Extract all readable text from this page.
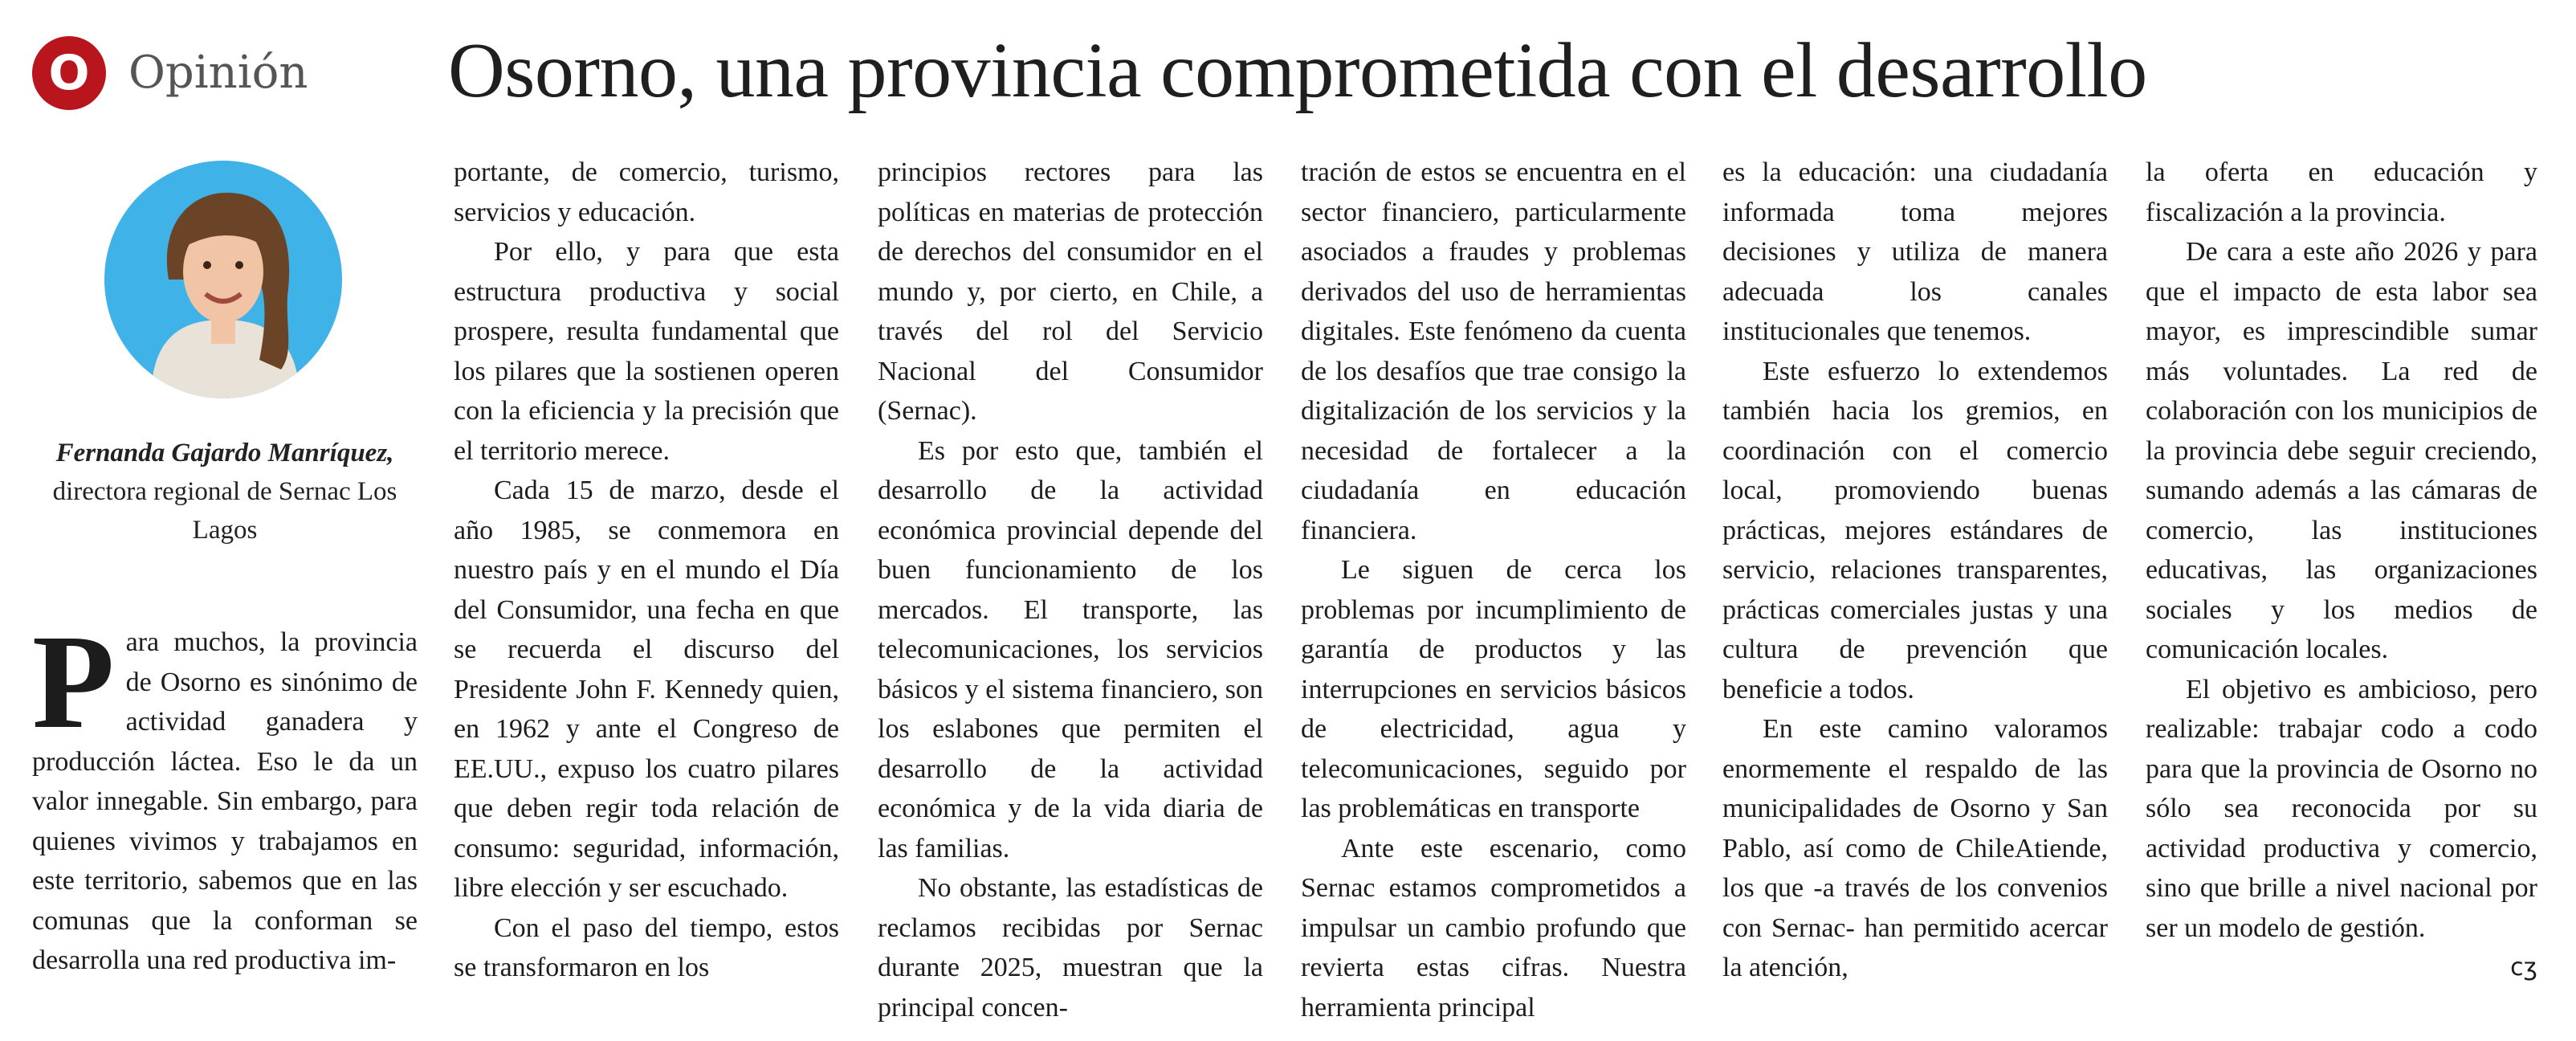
O Opinión Osorno, una provincia comprometida con el desarrollo
Fernanda Gajardo Manríquez, directora regional de Sernac Los Lagos
P ara muchos, la provincia de Osorno es sinónimo de actividad ganadera y producción láctea. Eso le da un valor innegable. Sin embargo, para quienes vivimos y trabajamos en este territorio, sabemos que en las comunas que la conforman se desarrolla una red productiva im-

portante, de comercio, turismo, servicios y educación.

Por ello, y para que esta estructura productiva y social prospere, resulta fundamental que los pilares que la sostienen operen con la eficiencia y la precisión que el territorio merece.

Cada 15 de marzo, desde el año 1985, se conmemora en nuestro país y en el mundo el Día del Consumidor, una fecha en que se recuerda el discurso del Presidente John F. Kennedy quien, en 1962 y ante el Congreso de EE.UU., expuso los cuatro pilares que deben regir toda relación de consumo: seguridad, información, libre elección y ser escuchado.

Con el paso del tiempo, estos se transformaron en los

principios rectores para las políticas en materias de protección de derechos del consumidor en el mundo y, por cierto, en Chile, a través del rol del Servicio Nacional del Consumidor (Sernac).

Es por esto que, también el desarrollo de la actividad económica provincial depende del buen funcionamiento de los mercados. El transporte, las telecomunicaciones, los servicios básicos y el sistema financiero, son los eslabones que permiten el desarrollo de la actividad económica y de la vida diaria de las familias.

No obstante, las estadísticas de reclamos recibidas por Sernac durante 2025, muestran que la principal concen-

tración de estos se encuentra en el sector financiero, particularmente asociados a fraudes y problemas derivados del uso de herramientas digitales. Este fenómeno da cuenta de los desafíos que trae consigo la digitalización de los servicios y la necesidad de fortalecer a la ciudadanía en educación financiera.

Le siguen de cerca los problemas por incumplimiento de garantía de productos y las interrupciones en servicios básicos de electricidad, agua y telecomunicaciones, seguido por las problemáticas en transporte

Ante este escenario, como Sernac estamos comprometidos a impulsar un cambio profundo que revierta estas cifras. Nuestra herramienta principal

es la educación: una ciudadanía informada toma mejores decisiones y utiliza de manera adecuada los canales institucionales que tenemos.

Este esfuerzo lo extendemos también hacia los gremios, en coordinación con el comercio local, promoviendo buenas prácticas, mejores estándares de servicio, relaciones transparentes, prácticas comerciales justas y una cultura de prevención que beneficie a todos.

En este camino valoramos enormemente el respaldo de las municipalidades de Osorno y San Pablo, así como de ChileAtiende, los que -a través de los convenios con Sernac- han permitido acercar la atención,

la oferta en educación y fiscalización a la provincia.

De cara a este año 2026 y para que el impacto de esta labor sea mayor, es imprescindible sumar más voluntades. La red de colaboración con los municipios de la provincia debe seguir creciendo, sumando además a las cámaras de comercio, las instituciones educativas, las organizaciones sociales y los medios de comunicación locales.

El objetivo es ambicioso, pero realizable: trabajar codo a codo para que la provincia de Osorno no sólo sea reconocida por su actividad productiva y comercio, sino que brille a nivel nacional por ser un modelo de gestión.

ᴄʒ
